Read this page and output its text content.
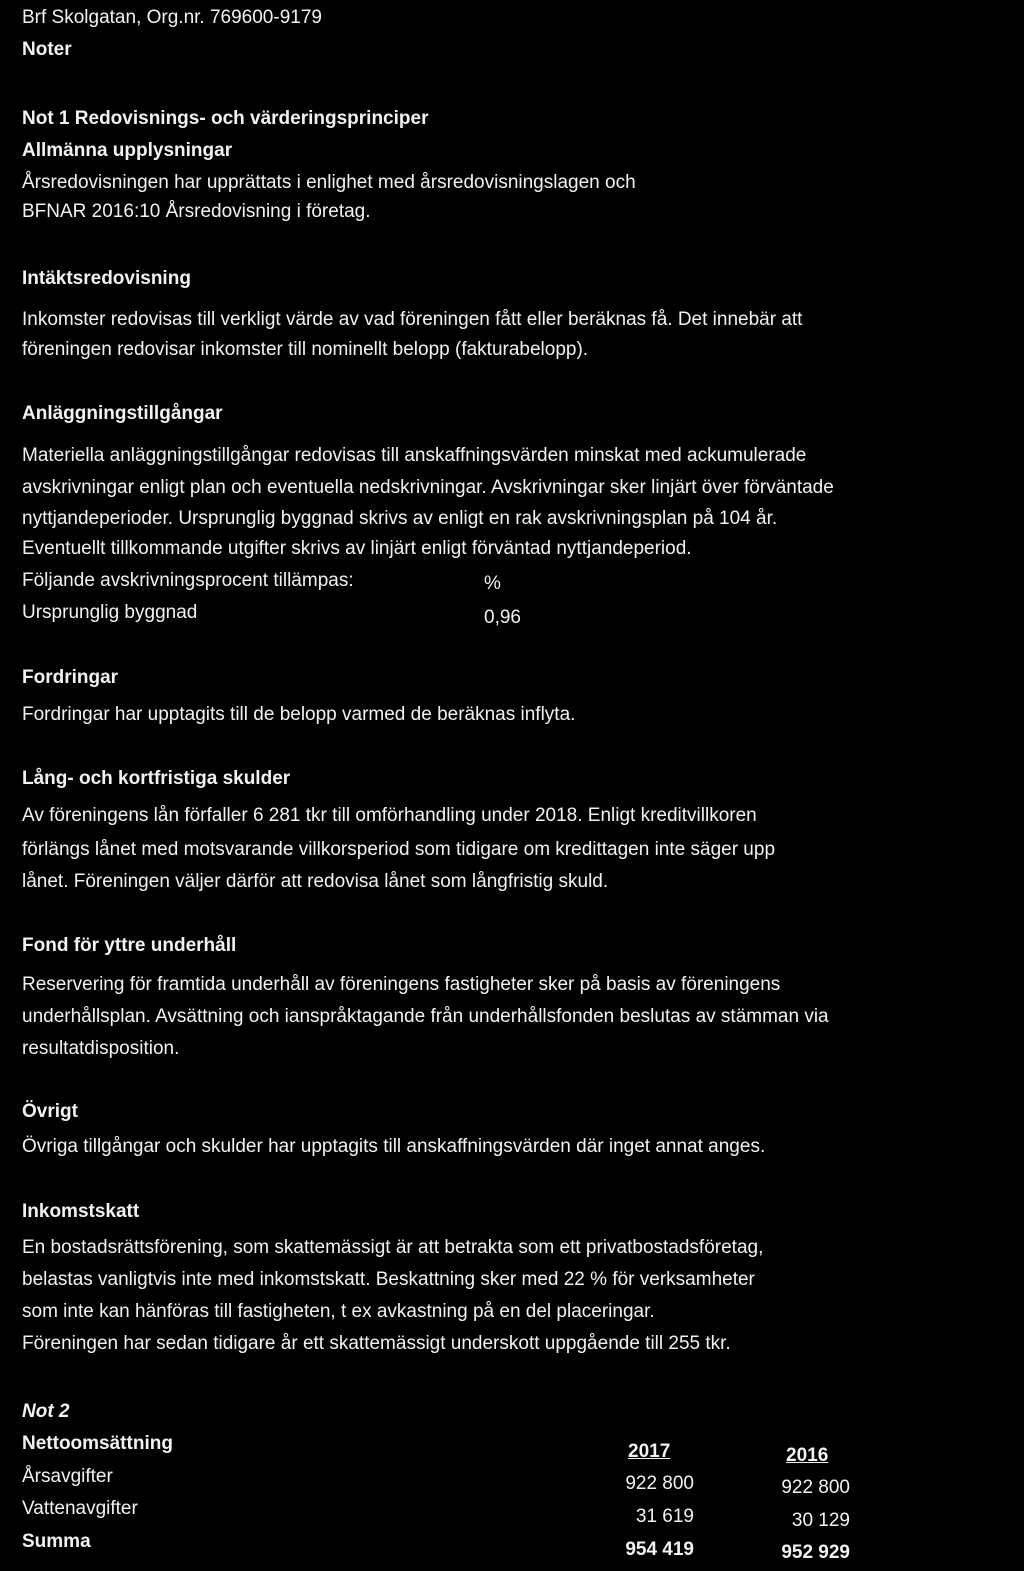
Brf Skolgatan, Org.nr. 769600-9179
Noter
Not 1 Redovisnings- och värderingsprinciper
Allmänna upplysningar
Årsredovisningen har upprättats i enlighet med årsredovisningslagen och
BFNAR 2016:10 Årsredovisning i företag.
Intäktsredovisning
Inkomster redovisas till verkligt värde av vad föreningen fått eller beräknas få. Det innebär att
föreningen redovisar inkomster till nominellt belopp (fakturabelopp).
Anläggningstillgångar
Materiella anläggningstillgångar redovisas till anskaffningsvärden minskat med ackumulerade
avskrivningar enligt plan och eventuella nedskrivningar. Avskrivningar sker linjärt över förväntade
nyttjandeperioder. Ursprunglig byggnad skrivs av enligt en rak avskrivningsplan på 104 år.
Eventuellt tillkommande utgifter skrivs av linjärt enligt förväntad nyttjandeperiod.
Följande avskrivningsprocent tillämpas:	%
Ursprunglig byggnad	0,96
Fordringar
Fordringar har upptagits till de belopp varmed de beräknas inflyta.
Lång- och kortfristiga skulder
Av föreningens lån förfaller 6 281 tkr till omförhandling under 2018. Enligt kreditvillkoren
förlängs lånet med motsvarande villkorsperiod som tidigare om kredittagen inte säger upp
lånet. Föreningen väljer därför att redovisa lånet som långfristig skuld.
Fond för yttre underhåll
Reservering för framtida underhåll av föreningens fastigheter sker på basis av föreningens
underhållsplan. Avsättning och ianspråktagande från underhållsfonden beslutas av stämman via
resultatdisposition.
Övrigt
Övriga tillgångar och skulder har upptagits till anskaffningsvärden där inget annat anges.
Inkomstskatt
En bostadsrättsförening, som skattemässigt är att betrakta som ett privatbostadsföretag,
belastas vanligtvis inte med inkomstskatt. Beskattning sker med 22 % för verksamheter
som inte kan hänföras till fastigheten, t ex avkastning på en del placeringar.
Föreningen har sedan tidigare år ett skattemässigt underskott uppgående till 255 tkr.
Not 2
Nettoomsättning	2017	2016
Årsavgifter	922 800	922 800
Vattenavgifter	31 619	30 129
Summa	954 419	952 929
